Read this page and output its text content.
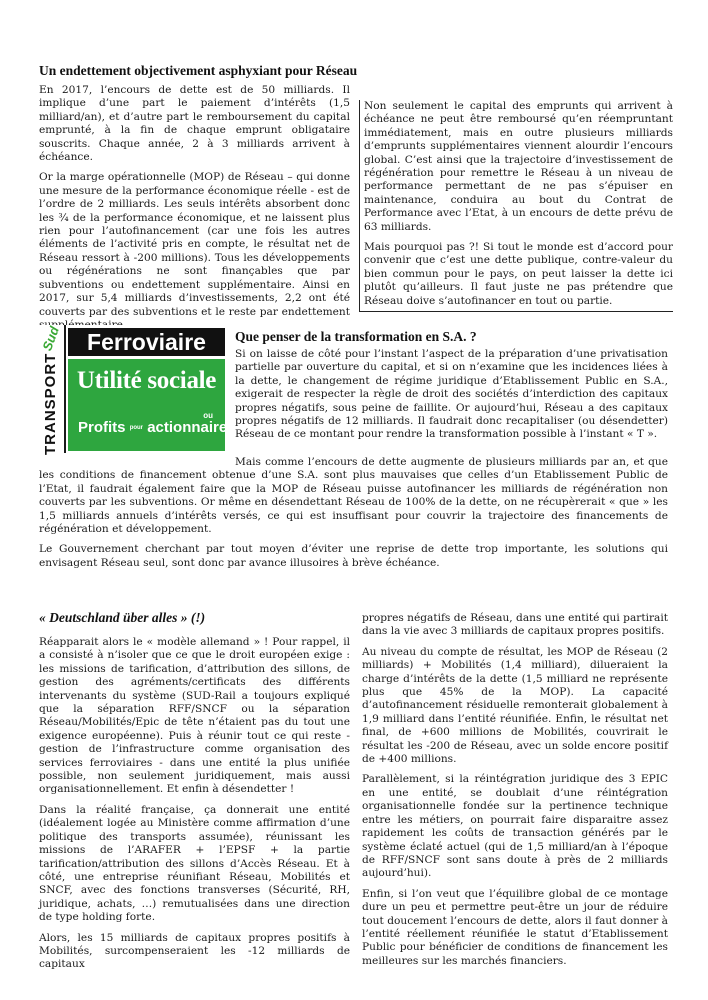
Un endettement objectivement asphyxiant pour Réseau

En 2017, l’encours de dette est de 50 milliards. Il implique d’une part le paiement d’intérêts (1,5 milliard/an), et d’autre part le remboursement du capital emprunté, à la fin de chaque emprunt obligataire souscrits. Chaque année, 2 à 3 milliards arrivent à échéance.

Or la marge opérationnelle (MOP) de Réseau – qui donne une mesure de la performance économique réelle - est de l’ordre de 2 milliards. Les seuls intérêts absorbent donc les ¾ de la performance économique, et ne laissent plus rien pour l’autofinancement (car une fois les autres éléments de l’activité pris en compte, le résultat net de Réseau ressort à -200 millions). Tous les développements ou régénérations ne sont finançables que par subventions ou endettement supplémentaire. Ainsi en 2017, sur 5,4 milliards d’investissements, 2,2 ont été couverts par des subventions et le reste par endettement

Non seulement le capital des emprunts qui arrivent à échéance ne peut être remboursé qu’en réempruntant immédiatement, mais en outre plusieurs milliards d’emprunts supplémentaires viennent alourdir l’encours global. C’est ainsi que la trajectoire d’investissement de régénération pour remettre le Réseau à un niveau de performance permettant de ne pas s’épuiser en maintenance, conduira au bout du Contrat de Performance avec l’Etat, à un encours de dette prévu de 63 milliards.

Mais pourquoi pas ?! Si tout le monde est d’accord pour convenir que c’est une dette publique, contre-valeur du bien commun pour le pays, on peut laisser la dette ici plutôt qu’ailleurs. Il faut juste ne pas prétendre que Réseau doive s’autofinancer en tout ou partie.

Sud
TRANSPORT
Ferroviaire
Utilité sociale
ou
Profits pour actionnaires ?
Que penser de la transformation en S.A. ?

Si on laisse de côté pour l’instant l’aspect de la préparation d’une privatisation partielle par ouverture du capital, et si on n’examine que les incidences liées à la dette, le changement de régime juridique d’Etablissement Public en S.A., exigerait de respecter la règle de droit des sociétés d’interdiction des capitaux propres négatifs, sous peine de faillite. Or aujourd’hui, Réseau a des capitaux propres négatifs de 12 milliards. Il faudrait donc recapitaliser (ou désendetter) Réseau de ce montant pour rendre la transformation possible à l’instant « T ».

Mais comme l’encours de dette augmente de plusieurs milliards par an, et que les conditions de financement obtenue d’une S.A. sont plus mauvaises que celles d’un Etablissement Public de l’Etat, il faudrait également faire que la MOP de Réseau puisse autofinancer les milliards de régénération non couverts par les subventions. Or même en désendettant Réseau de 100% de la dette, on ne récupèrerait « que » les 1,5 milliards annuels d’intérêts versés, ce qui est insuffisant pour couvrir la trajectoire des financements de régénération et développement.

Le Gouvernement cherchant par tout moyen d’éviter une reprise de dette trop importante, les solutions qui envisagent Réseau seul, sont donc par avance illusoires à brève échéance.

« Deutschland über alles » (!)

Réapparait alors le « modèle allemand » ! Pour rappel, il a consisté à n’isoler que ce que le droit européen exige : les missions de tarification, d’attribution des sillons, de gestion des agréments/certificats des différents intervenants du système (SUD-Rail a toujours expliqué que la séparation RFF/SNCF ou la séparation Réseau/Mobilités/Epic de tête n’étaient pas du tout une exigence européenne). Puis à réunir tout ce qui reste - gestion de l’infrastructure comme organisation des services ferroviaires - dans une entité la plus unifiée possible, non seulement juridiquement, mais aussi organisationnellement. Et enfin à désendetter !

Dans la réalité française, ça donnerait une entité (idéalement logée au Ministère comme affirmation d’une politique des transports assumée), réunissant les missions de l’ARAFER + l’EPSF + la partie tarification/attribution des sillons d’Accès Réseau. Et à côté, une entreprise réunifiant Réseau, Mobilités et SNCF, avec des fonctions transverses (Sécurité, RH, juridique, achats, …) remutualisées dans une direction de type holding forte.

Alors, les 15 milliards de capitaux propres positifs à Mobilités, surcompenseraient les -12 milliards de capitaux

propres négatifs de Réseau, dans une entité qui partirait dans la vie avec 3 milliards de capitaux propres positifs.

Au niveau du compte de résultat, les MOP de Réseau (2 milliards) + Mobilités (1,4 milliard), dilueraient la charge d’intérêts de la dette (1,5 milliard ne représente plus que 45% de la MOP). La capacité d’autofinancement résiduelle remonterait globalement à 1,9 milliard dans l’entité réunifiée. Enfin, le résultat net final, de +600 millions de Mobilités, couvrirait le résultat les -200 de Réseau, avec un solde encore positif de +400 millions.

Parallèlement, si la réintégration juridique des 3 EPIC en une entité, se doublait d’une réintégration organisationnelle fondée sur la pertinence technique entre les métiers, on pourrait faire disparaitre assez rapidement les coûts de transaction générés par le système éclaté actuel (qui de 1,5 milliard/an à l’époque de RFF/SNCF sont sans doute à près de 2 milliards aujourd’hui).

Enfin, si l’on veut que l’équilibre global de ce montage dure un peu et permettre peut-être un jour de réduire tout doucement l’encours de dette, alors il faut donner à l’entité réellement réunifiée le statut d’Etablissement Public pour bénéficier de conditions de financement les meilleures sur les marchés financiers.
